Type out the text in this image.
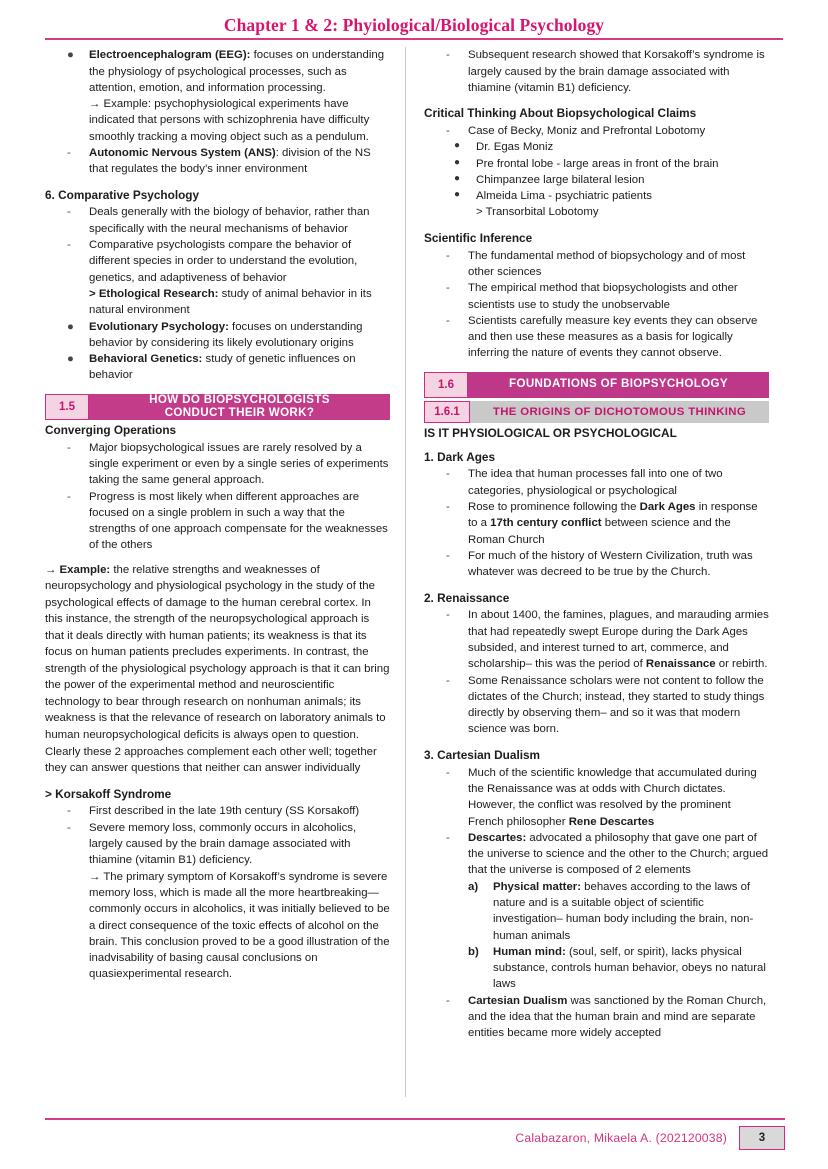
Chapter 1 & 2: Phyiological/Biological Psychology
●	Electroencephalogram (EEG): focuses on understanding the physiology of psychological processes, such as attention, emotion, and information processing.
→ Example: psychophysiological experiments have indicated that persons with schizophrenia have difficulty smoothly tracking a moving object such as a pendulum.
-	Autonomic Nervous System (ANS): division of the NS that regulates the body’s inner environment
6. Comparative Psychology
-	Deals generally with the biology of behavior, rather than specifically with the neural mechanisms of behavior
-	Comparative psychologists compare the behavior of different species in order to understand the evolution, genetics, and adaptiveness of behavior
> Ethological Research: study of animal behavior in its natural environment
●	Evolutionary Psychology: focuses on understanding behavior by considering its likely evolutionary origins
●	Behavioral Genetics: study of genetic influences on behavior
1.5
HOW DO BIOPSYCHOLOGISTS
CONDUCT THEIR WORK?
Converging Operations
-	Major biopsychological issues are rarely resolved by a single experiment or even by a single series of experiments taking the same general approach.
-	Progress is most likely when different approaches are focused on a single problem in such a way that the strengths of one approach compensate for the weaknesses of the others
→ Example: the relative strengths and weaknesses of neuropsychology and physiological psychology in the study of the psychological effects of damage to the human cerebral cortex. In this instance, the strength of the neuropsychological approach is that it deals directly with human patients; its weakness is that its focus on human patients precludes experiments. In contrast, the strength of the physiological psychology approach is that it can bring the power of the experimental method and neuroscientific technology to bear through research on nonhuman animals; its weakness is that the relevance of research on laboratory animals to human neuropsychological deficits is always open to question. Clearly these 2 approaches complement each other well; together they can answer questions that neither can answer individually
> Korsakoff Syndrome
-	First described in the late 19th century (SS Korsakoff)
-	Severe memory loss, commonly occurs in alcoholics, largely caused by the brain damage associated with thiamine (vitamin B1) deficiency.
→ The primary symptom of Korsakoff’s syndrome is severe memory loss, which is made all the more heartbreaking—commonly occurs in alcoholics, it was initially believed to be a direct consequence of the toxic effects of alcohol on the brain. This conclusion proved to be a good illustration of the inadvisability of basing causal conclusions on quasiexperimental research.
-	Subsequent research showed that Korsakoff’s syndrome is largely caused by the brain damage associated with thiamine (vitamin B1) deficiency.
Critical Thinking About Biopsychological Claims
-	Case of Becky, Moniz and Prefrontal Lobotomy
●	Dr. Egas Moniz
●	Pre frontal lobe - large areas in front of the brain
●	Chimpanzee large bilateral lesion
●	Almeida Lima - psychiatric patients
> Transorbital Lobotomy
Scientific Inference
-	The fundamental method of biopsychology and of most other sciences
-	The empirical method that biopsychologists and other scientists use to study the unobservable
-	Scientists carefully measure key events they can observe and then use these measures as a basis for logically inferring the nature of events they cannot observe.
1.6	FOUNDATIONS OF BIOPSYCHOLOGY
1.6.1	THE ORIGINS OF DICHOTOMOUS THINKING
IS IT PHYSIOLOGICAL OR PSYCHOLOGICAL
1. Dark Ages
-	The idea that human processes fall into one of two categories, physiological or psychological
-	Rose to prominence following the Dark Ages in response to a 17th century conflict between science and the Roman Church
-	For much of the history of Western Civilization, truth was whatever was decreed to be true by the Church.
2. Renaissance
-	In about 1400, the famines, plagues, and marauding armies that had repeatedly swept Europe during the Dark Ages subsided, and interest turned to art, commerce, and scholarship– this was the period of Renaissance or rebirth.
-	Some Renaissance scholars were not content to follow the dictates of the Church; instead, they started to study things directly by observing them– and so it was that modern science was born.
3. Cartesian Dualism
-	Much of the scientific knowledge that accumulated during the Renaissance was at odds with Church dictates. However, the conflict was resolved by the prominent French philosopher Rene Descartes
-	Descartes: advocated a philosophy that gave one part of the universe to science and the other to the Church; argued that the universe is composed of 2 elements
a) Physical matter: behaves according to the laws of nature and is a suitable object of scientific investigation– human body including the brain, non-human animals
b) Human mind: (soul, self, or spirit), lacks physical substance, controls human behavior, obeys no natural laws
-	Cartesian Dualism was sanctioned by the Roman Church, and the idea that the human brain and mind are separate entities became more widely accepted
Calabazaron, Mikaela A. (202120038)	3
